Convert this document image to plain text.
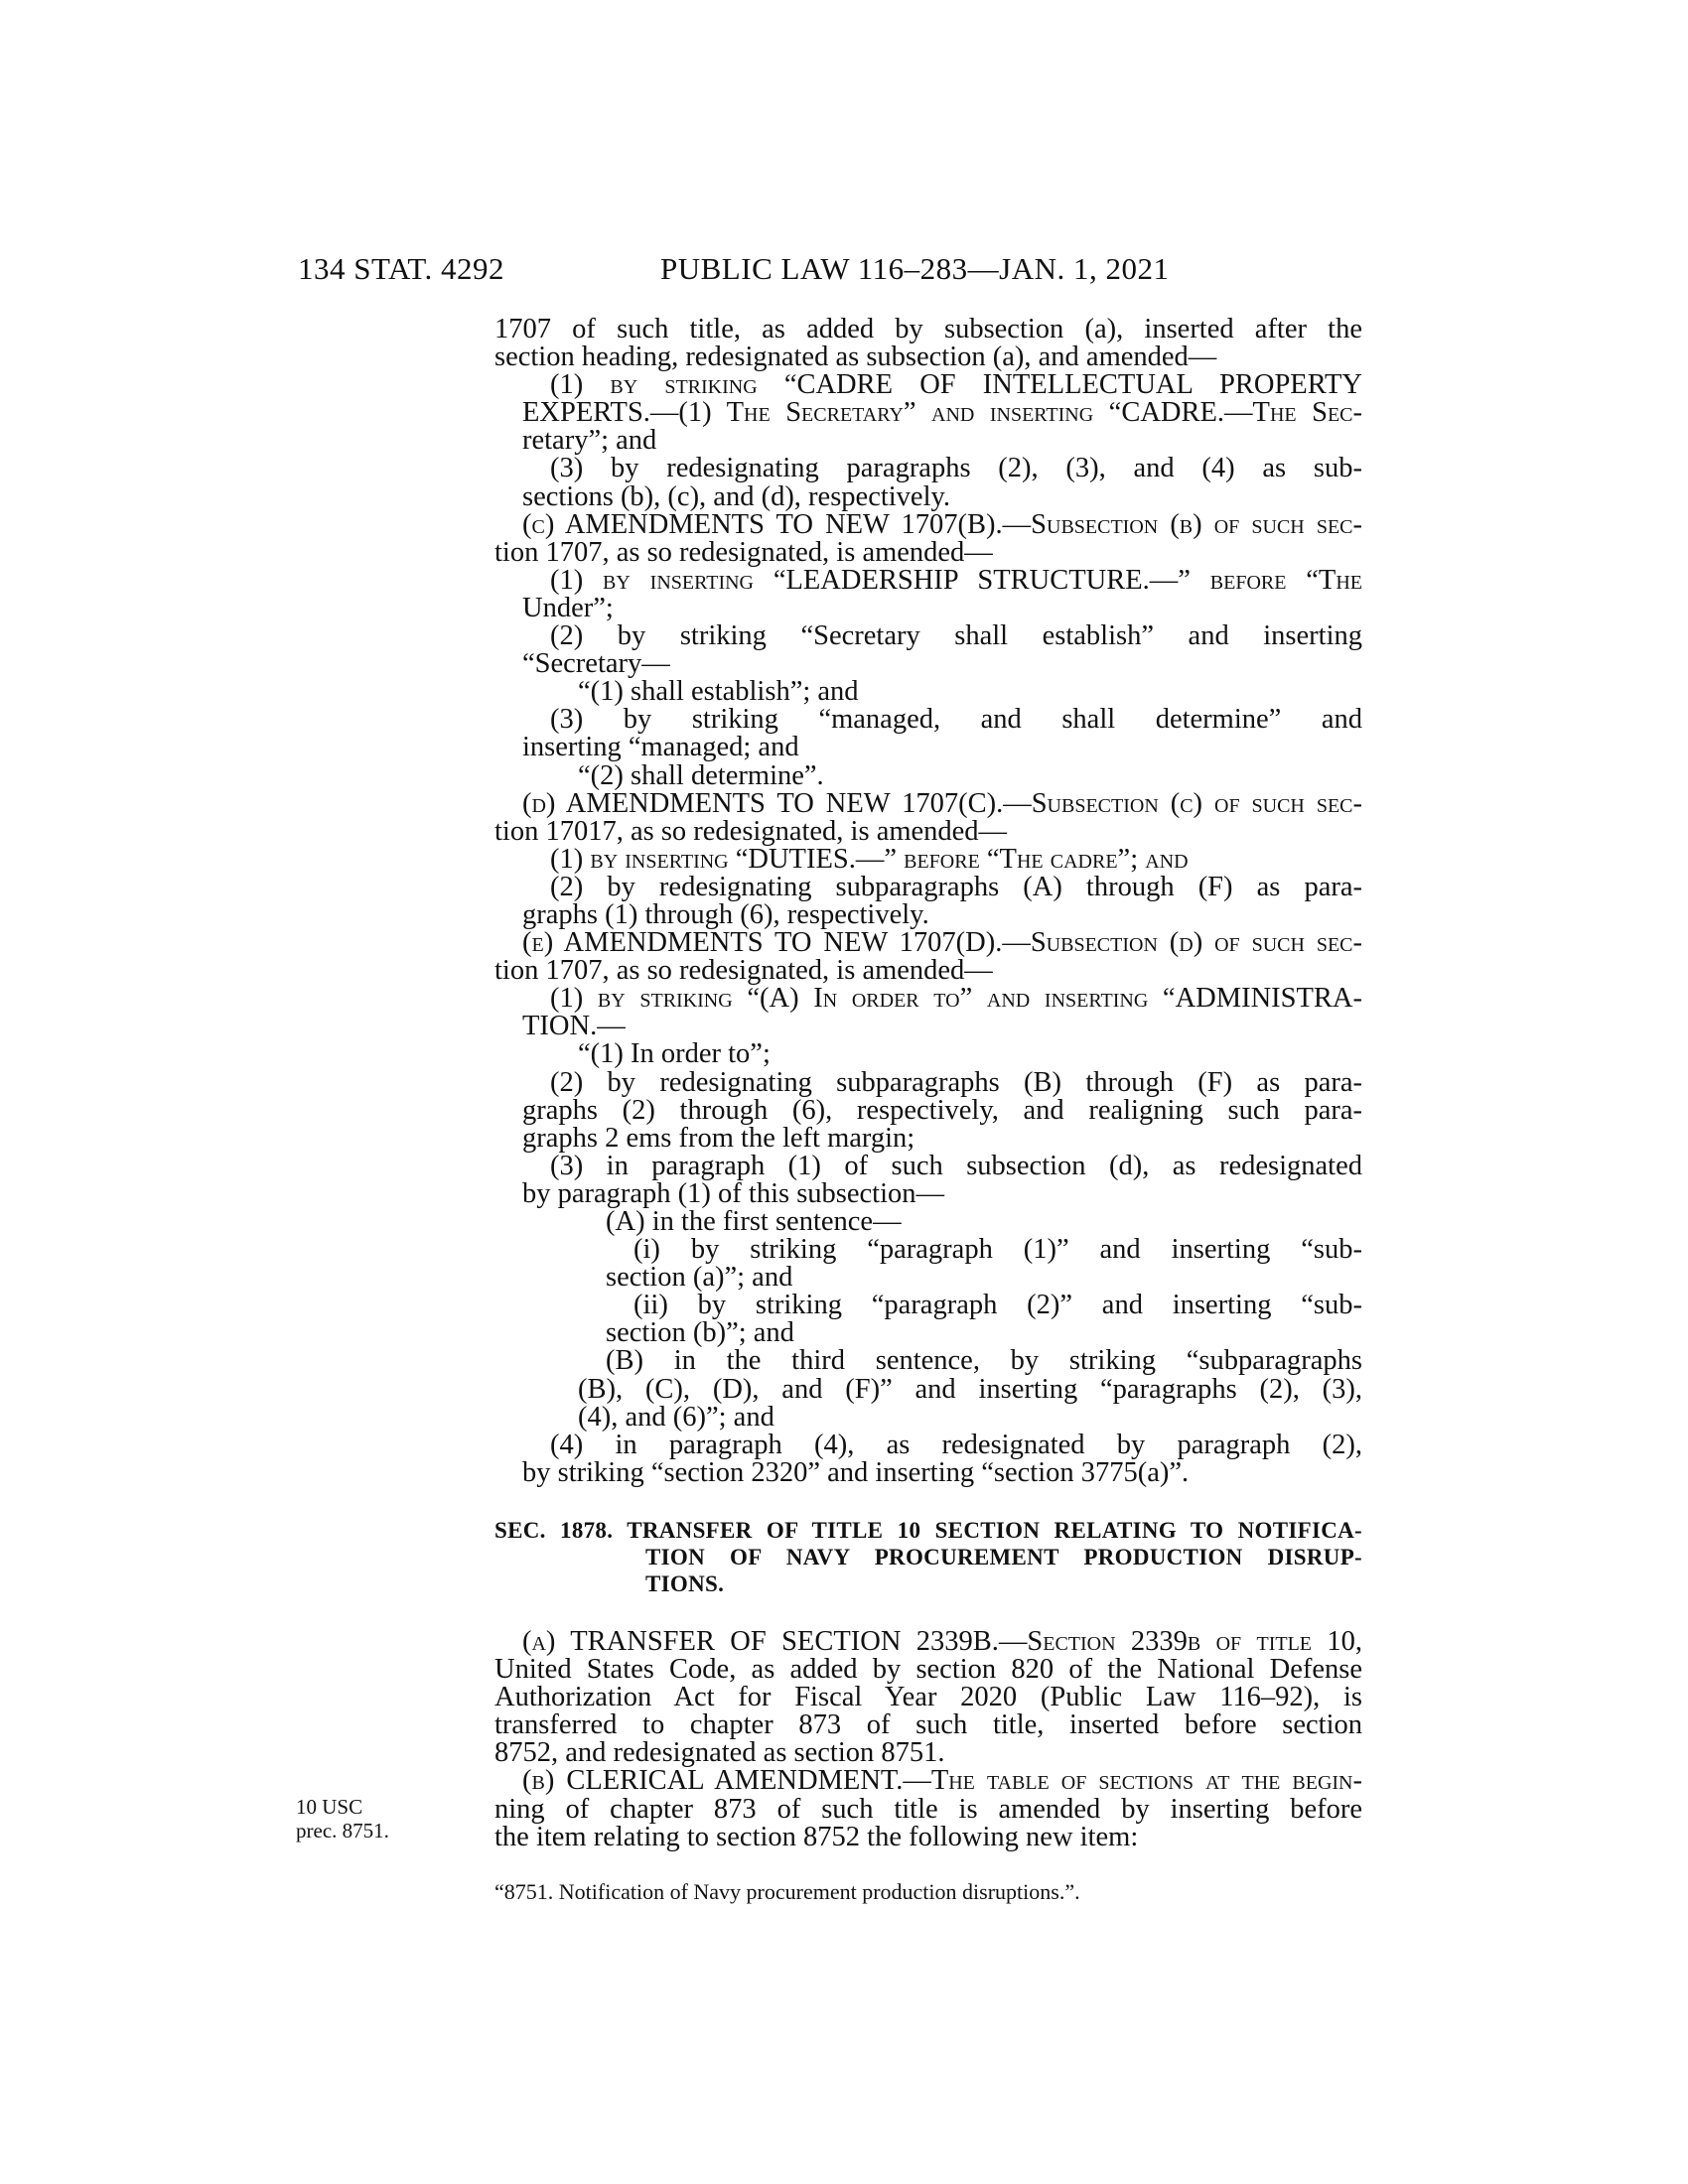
134 STAT. 4292	PUBLIC LAW 116–283—JAN. 1, 2021
1707 of such title, as added by subsection (a), inserted after the
section heading, redesignated as subsection (a), and amended—
(1) by striking “CADRE OF INTELLECTUAL PROPERTY
EXPERTS.—(1) The Secretary” and inserting “CADRE.—The Sec-
retary”; and
(3) by redesignating paragraphs (2), (3), and (4) as sub-
sections (b), (c), and (d), respectively.
(c) AMENDMENTS TO NEW 1707(B).—Subsection (b) of such sec-
tion 1707, as so redesignated, is amended—
(1) by inserting “LEADERSHIP STRUCTURE.—” before “The
Under”;
(2) by striking “Secretary shall establish” and inserting
“Secretary—
“(1) shall establish”; and
(3) by striking “managed, and shall determine” and
inserting “managed; and
“(2) shall determine”.
(d) AMENDMENTS TO NEW 1707(C).—Subsection (c) of such sec-
tion 17017, as so redesignated, is amended—
(1) by inserting “DUTIES.—” before “The cadre”; and
(2) by redesignating subparagraphs (A) through (F) as para-
graphs (1) through (6), respectively.
(e) AMENDMENTS TO NEW 1707(D).—Subsection (d) of such sec-
tion 1707, as so redesignated, is amended—
(1) by striking “(A) In order to” and inserting “ADMINISTRA-
TION.—
“(1) In order to”;
(2) by redesignating subparagraphs (B) through (F) as para-
graphs (2) through (6), respectively, and realigning such para-
graphs 2 ems from the left margin;
(3) in paragraph (1) of such subsection (d), as redesignated
by paragraph (1) of this subsection—
(A) in the first sentence—
(i) by striking “paragraph (1)” and inserting “sub-
section (a)”; and
(ii) by striking “paragraph (2)” and inserting “sub-
section (b)”; and
(B) in the third sentence, by striking “subparagraphs
(B), (C), (D), and (F)” and inserting “paragraphs (2), (3),
(4), and (6)”; and
(4) in paragraph (4), as redesignated by paragraph (2),
by striking “section 2320” and inserting “section 3775(a)”.
SEC. 1878. TRANSFER OF TITLE 10 SECTION RELATING TO NOTIFICA-
TION OF NAVY PROCUREMENT PRODUCTION DISRUP-
TIONS.
(a) TRANSFER OF SECTION 2339B.—Section 2339b of title 10,
United States Code, as added by section 820 of the National Defense
Authorization Act for Fiscal Year 2020 (Public Law 116–92), is
transferred to chapter 873 of such title, inserted before section
8752, and redesignated as section 8751.
(b) CLERICAL AMENDMENT.—The table of sections at the begin-
ning of chapter 873 of such title is amended by inserting before
the item relating to section 8752 the following new item:
10 USC
prec. 8751.
“8751. Notification of Navy procurement production disruptions.”.
